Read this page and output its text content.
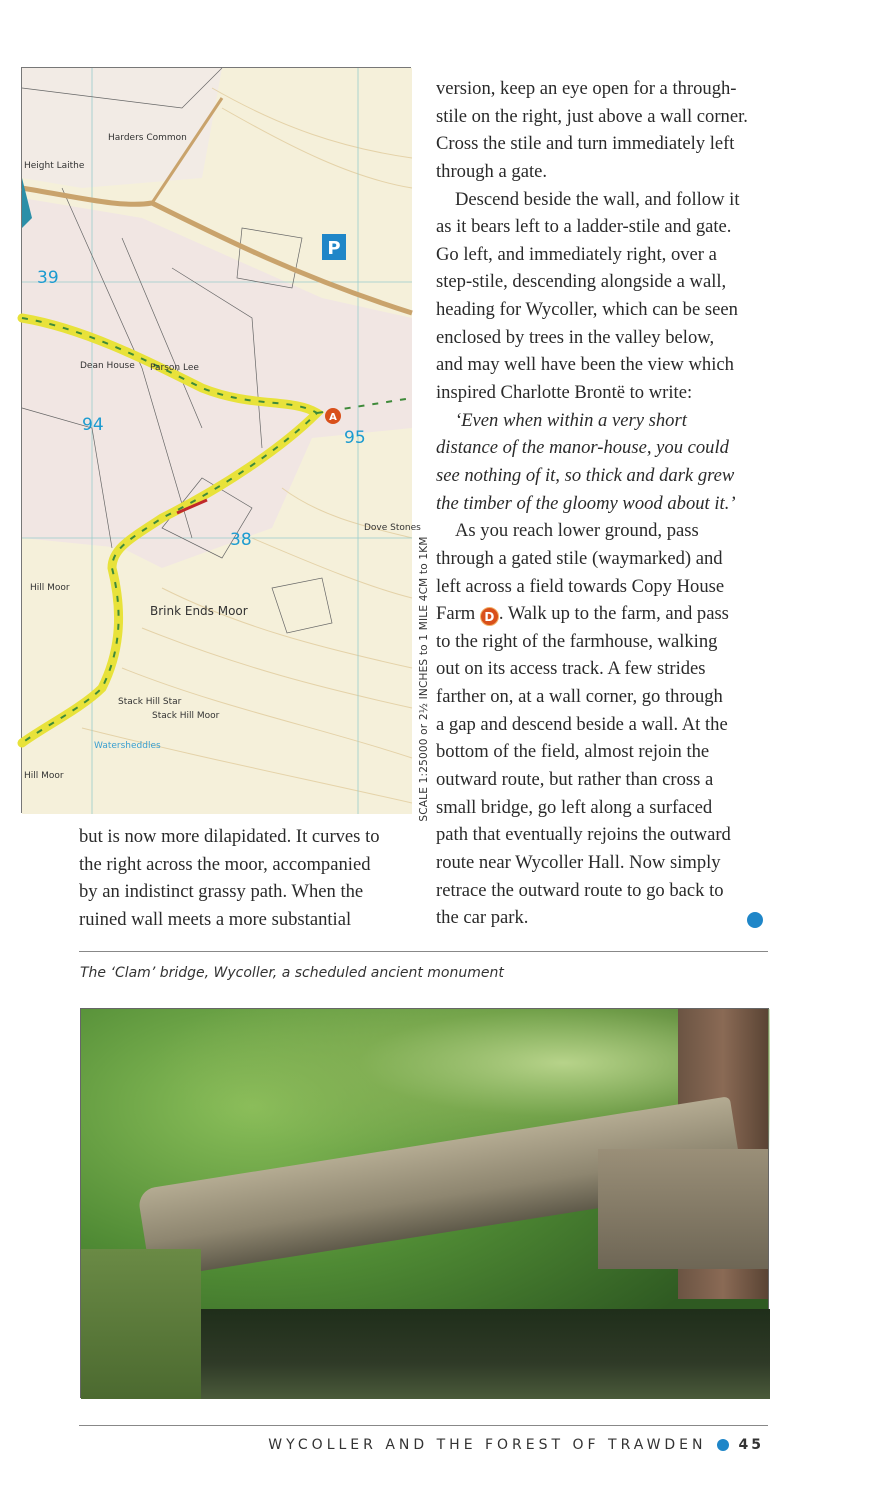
P
A
39
94
95
38
Harders Common
Height Laithe
Dean House Parson Lee
Brink Ends Moor
Hill Moor
Stack Hill Moor
Stack Hill Star
Dove Stones
Watersheddles
Hill Moor	SCALE 1:25000 or 2½ INCHES to 1 MILE 4CM to 1KM
version, keep an eye open for a through-
stile on the right, just above a wall corner.
Cross the stile and turn immediately left
through a gate.
Descend beside the wall, and follow it
as it bears left to a ladder-stile and gate.
Go left, and immediately right, over a
step-stile, descending alongside a wall,
heading for Wycoller, which can be seen
enclosed by trees in the valley below,
and may well have been the view which
inspired Charlotte Brontë to write:
‘Even when within a very short
distance of the manor-house, you could
see nothing of it, so thick and dark grew
the timber of the gloomy wood about it.’
As you reach lower ground, pass
through a gated stile (waymarked) and
left across a field towards Copy House
Farm D . Walk up to the farm, and pass
to the right of the farmhouse, walking
out on its access track. A few strides
farther on, at a wall corner, go through
a gap and descend beside a wall. At the
bottom of the field, almost rejoin the
outward route, but rather than cross a
small bridge, go left along a surfaced
path that eventually rejoins the outward
route near Wycoller Hall. Now simply
retrace the outward route to go back to
the car park.
but is now more dilapidated. It curves to
the right across the moor, accompanied
by an indistinct grassy path. When the
ruined wall meets a more substantial
The ‘Clam’ bridge, Wycoller, a scheduled ancient monument
WYCOLLER AND THE FOREST OF TRAWDEN 45
